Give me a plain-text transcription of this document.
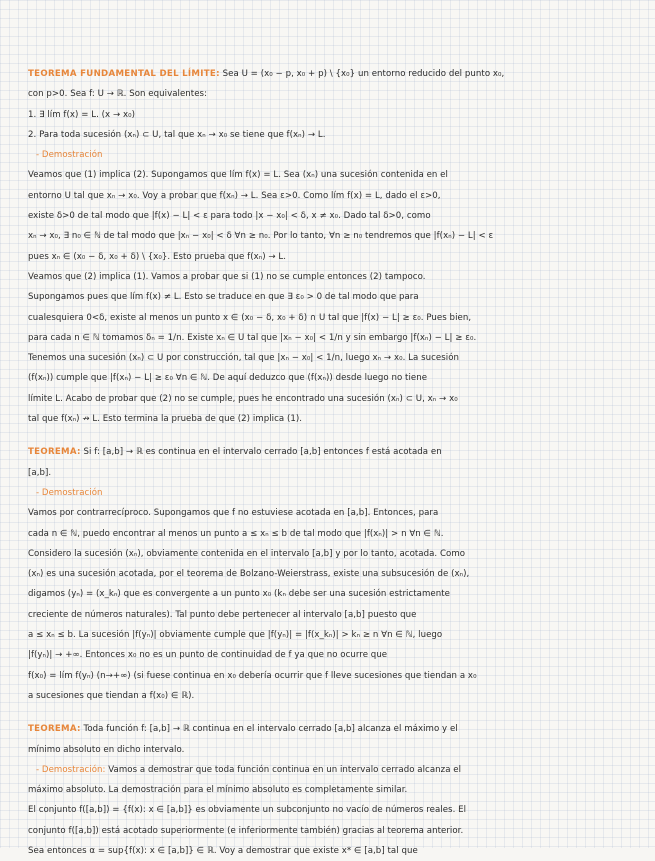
TEOREMA FUNDAMENTAL DEL LÍMITE: Sea U = (x₀ − p, x₀ + p) \ {x₀} un entorno reducido del punto x₀,
con p>0. Sea f: U → ℝ. Son equivalentes:
1. ∃ lím f(x) = L. (x → x₀)
2. Para toda sucesión (xₙ) ⊂ U, tal que xₙ → x₀ se tiene que f(xₙ) → L.
- Demostración
Veamos que (1) implica (2). Supongamos que lím f(x) = L. Sea (xₙ) una sucesión contenida en el
entorno U tal que xₙ → x₀. Voy a probar que f(xₙ) → L. Sea ε>0. Como lím f(x) = L, dado el ε>0,
existe δ>0 de tal modo que |f(x) − L| < ε para todo |x − x₀| < δ, x ≠ x₀. Dado tal δ>0, como
xₙ → x₀, ∃ n₀ ∈ ℕ de tal modo que |xₙ − x₀| < δ ∀n ≥ n₀. Por lo tanto, ∀n ≥ n₀ tendremos que |f(xₙ) − L| < ε
pues xₙ ∈ (x₀ − δ, x₀ + δ) \ {x₀}. Esto prueba que f(xₙ) → L.
Veamos que (2) implica (1). Vamos a probar que si (1) no se cumple entonces (2) tampoco.
Supongamos pues que lím f(x) ≠ L. Esto se traduce en que ∃ ε₀ > 0 de tal modo que para
cualesquiera 0<δ, existe al menos un punto x ∈ (x₀ − δ, x₀ + δ) ∩ U tal que |f(x) − L| ≥ ε₀. Pues bien,
para cada n ∈ ℕ tomamos δₙ = 1/n. Existe xₙ ∈ U tal que |xₙ − x₀| < 1/n y sin embargo |f(xₙ) − L| ≥ ε₀.
Tenemos una sucesión (xₙ) ⊂ U por construcción, tal que |xₙ − x₀| < 1/n, luego xₙ → x₀. La sucesión
(f(xₙ)) cumple que |f(xₙ) − L| ≥ ε₀ ∀n ∈ ℕ. De aquí deduzco que (f(xₙ)) desde luego no tiene
límite L. Acabo de probar que (2) no se cumple, pues he encontrado una sucesión (xₙ) ⊂ U, xₙ → x₀
tal que f(xₙ) ↛ L. Esto termina la prueba de que (2) implica (1).
TEOREMA: Si f: [a,b] → ℝ es continua en el intervalo cerrado [a,b] entonces f está acotada en
[a,b].
- Demostración
Vamos por contrarrecíproco. Supongamos que f no estuviese acotada en [a,b]. Entonces, para
cada n ∈ ℕ, puedo encontrar al menos un punto a ≤ xₙ ≤ b de tal modo que |f(xₙ)| > n ∀n ∈ ℕ.
Considero la sucesión (xₙ), obviamente contenida en el intervalo [a,b] y por lo tanto, acotada. Como
(xₙ) es una sucesión acotada, por el teorema de Bolzano-Weierstrass, existe una subsucesión de (xₙ),
digamos (yₙ) = (x_kₙ) que es convergente a un punto x₀ (kₙ debe ser una sucesión estrictamente
creciente de números naturales). Tal punto debe pertenecer al intervalo [a,b] puesto que
a ≤ xₙ ≤ b. La sucesión |f(yₙ)| obviamente cumple que |f(yₙ)| = |f(x_kₙ)| > kₙ ≥ n ∀n ∈ ℕ, luego
|f(yₙ)| → +∞. Entonces x₀ no es un punto de continuidad de f ya que no ocurre que
f(x₀) = lím f(yₙ) (n→+∞) (si fuese continua en x₀ debería ocurrir que f lleve sucesiones que tiendan a x₀
a sucesiones que tiendan a f(x₀) ∈ ℝ).
TEOREMA: Toda función f: [a,b] → ℝ continua en el intervalo cerrado [a,b] alcanza el máximo y el
mínimo absoluto en dicho intervalo.
- Demostración: Vamos a demostrar que toda función continua en un intervalo cerrado alcanza el
máximo absoluto. La demostración para el mínimo absoluto es completamente similar.
El conjunto f([a,b]) = {f(x): x ∈ [a,b]} es obviamente un subconjunto no vacío de números reales. El
conjunto f([a,b]) está acotado superiormente (e inferiormente también) gracias al teorema anterior.
Sea entonces α = sup{f(x): x ∈ [a,b]} ∈ ℝ. Voy a demostrar que existe x* ∈ [a,b] tal que
